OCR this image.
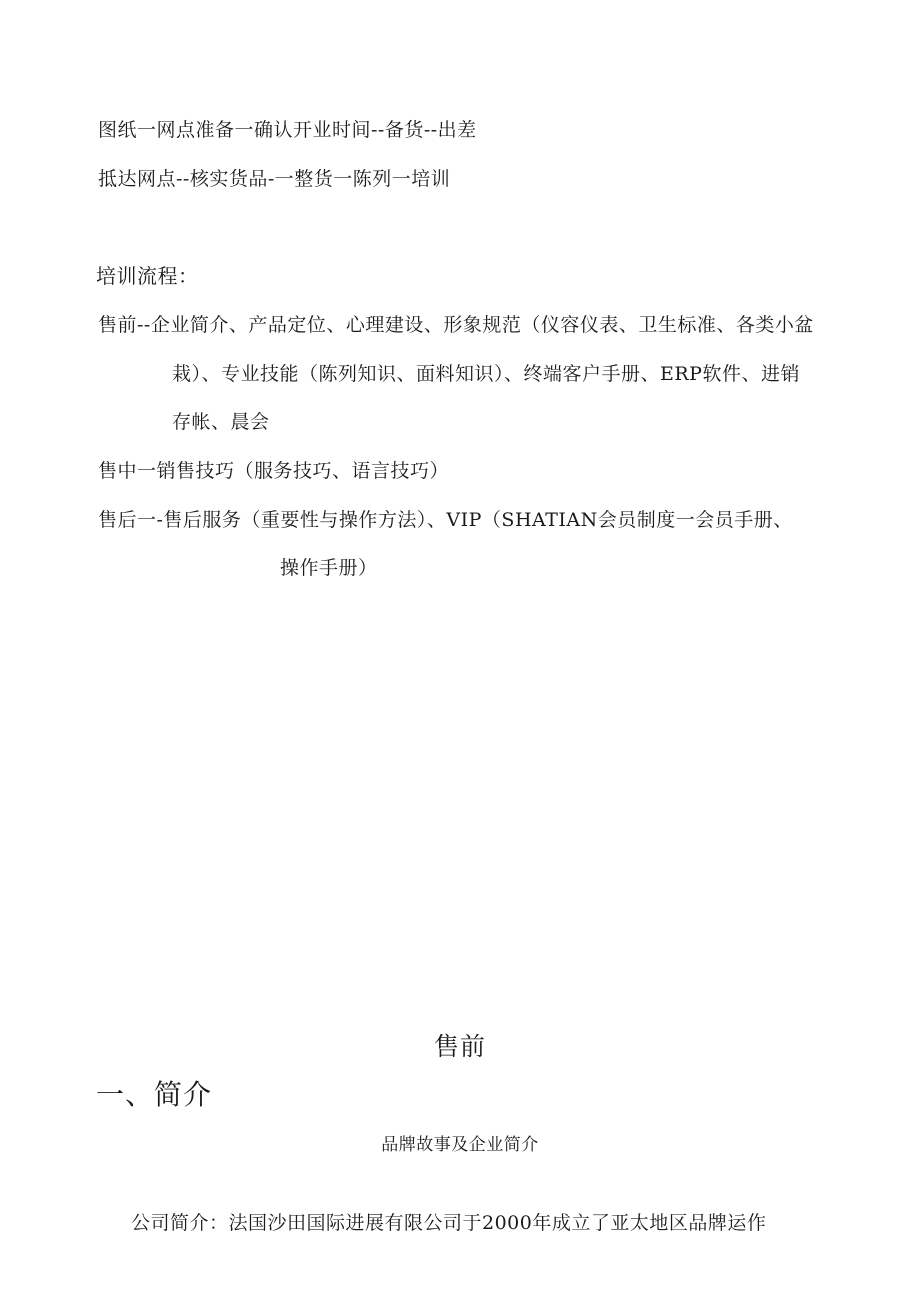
图纸一网点准备一确认开业时间--备货--出差
抵达网点--核实货品-一整货一陈列一培训
培训流程：
售前--企业简介、产品定位、心理建设、形象规范（仪容仪表、卫生标准、各类小盆
栽）、专业技能（陈列知识、面料知识）、终端客户手册、ERP软件、进销
存帐、晨会
售中一销售技巧（服务技巧、语言技巧）
售后一-售后服务（重要性与操作方法）、VIP（SHATIAN会员制度一会员手册、
操作手册）
售前
一、简介
品牌故事及企业简介
公司简介：法国沙田国际进展有限公司于2000年成立了亚太地区品牌运作
